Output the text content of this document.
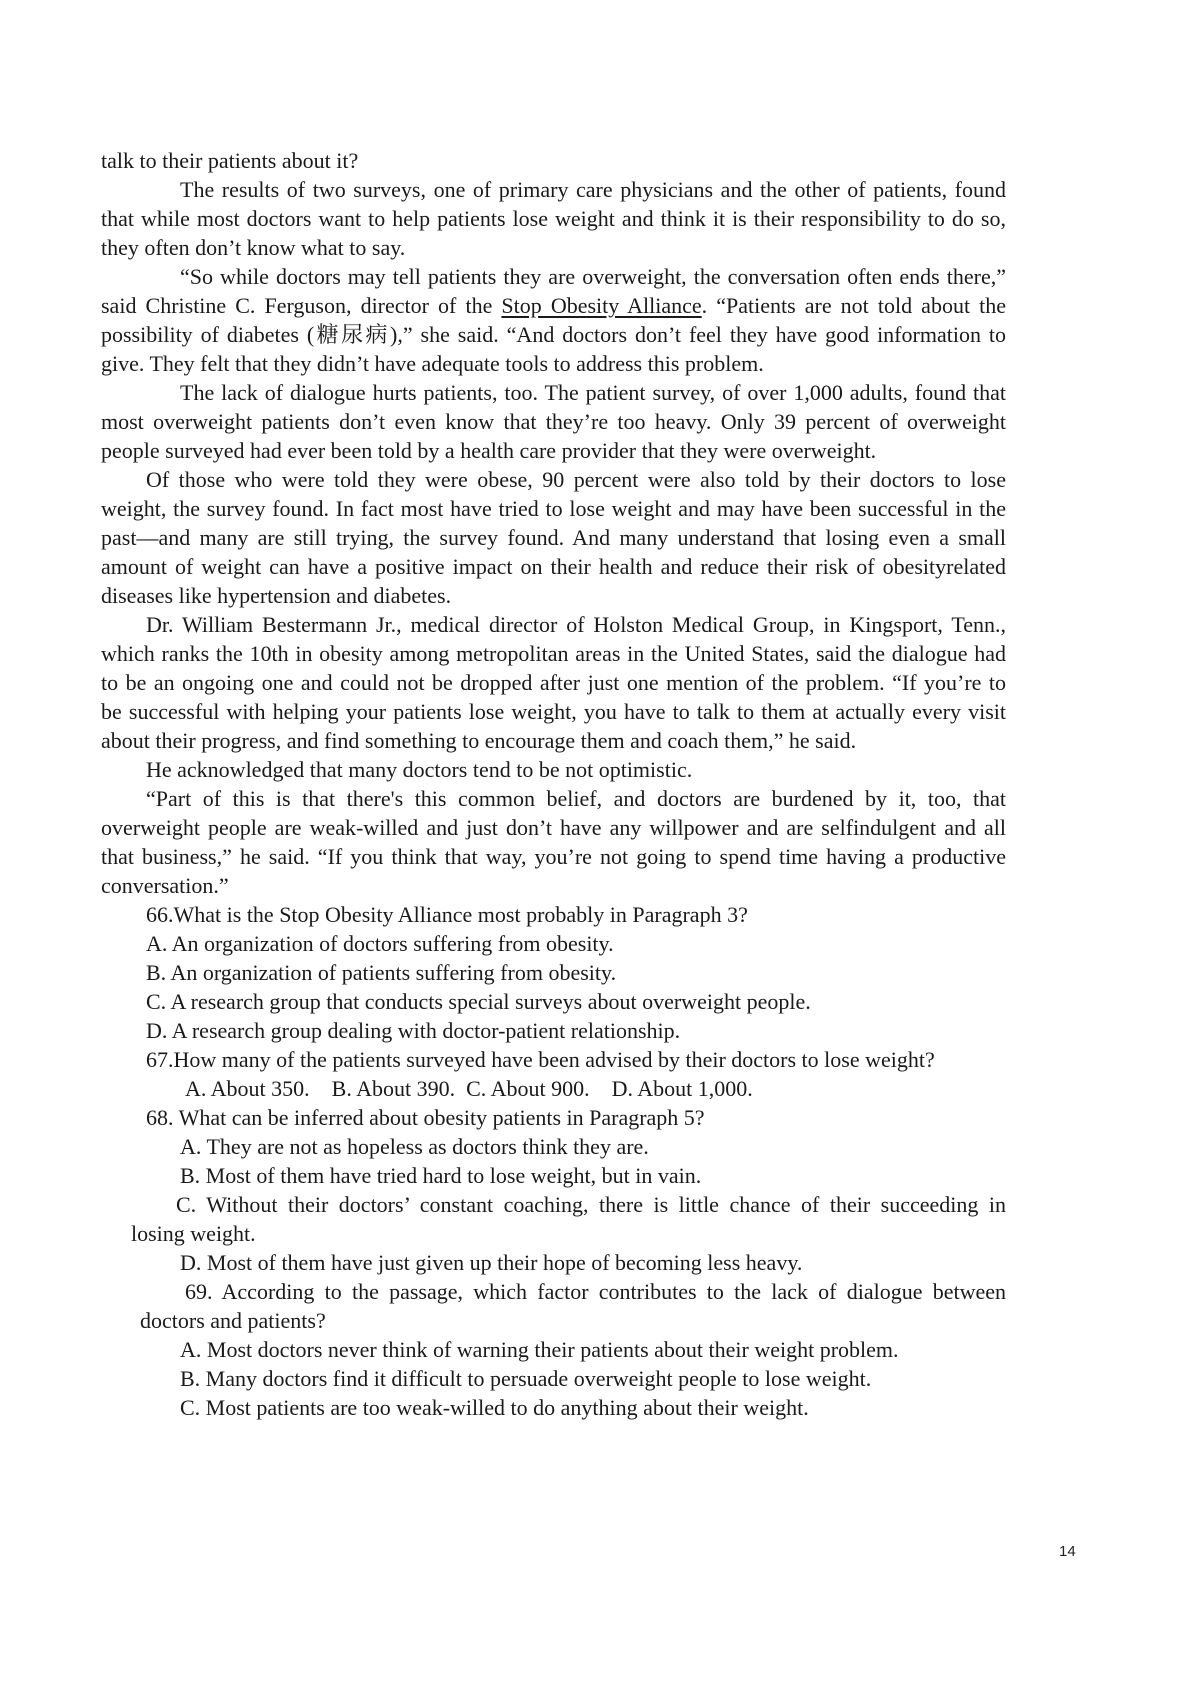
talk to their patients about it?
The results of two surveys, one of primary care physicians and the other of patients, found
that while most doctors want to help patients lose weight and think it is their responsibility to do so,
they often don’t know what to say.
“So while doctors may tell patients they are overweight, the conversation often ends there,”
said Christine C. Ferguson, director of the Stop Obesity Alliance. “Patients are not told about the
possibility of diabetes (糖尿病),” she said. “And doctors don’t feel they have good information to
give. They felt that they didn’t have adequate tools to address this problem.
The lack of dialogue hurts patients, too. The patient survey, of over 1,000 adults, found that
most overweight patients don’t even know that they’re too heavy. Only 39 percent of overweight
people surveyed had ever been told by a health care provider that they were overweight.
Of those who were told they were obese, 90 percent were also told by their doctors to lose
weight, the survey found. In fact most have tried to lose weight and may have been successful in the
past—and many are still trying, the survey found. And many understand that losing even a small
amount of weight can have a positive impact on their health and reduce their risk of obesityrelated
diseases like hypertension and diabetes.
Dr. William Bestermann Jr., medical director of Holston Medical Group, in Kingsport, Tenn.,
which ranks the 10th in obesity among metropolitan areas in the United States, said the dialogue had
to be an ongoing one and could not be dropped after just one mention of the problem. “If you’re to
be successful with helping your patients lose weight, you have to talk to them at actually every visit
about their progress, and find something to encourage them and coach them,” he said.
He acknowledged that many doctors tend to be not optimistic.
“Part of this is that there's this common belief, and doctors are burdened by it, too, that
overweight people are weak-willed and just don’t have any willpower and are selfindulgent and all
that business,” he said. “If you think that way, you’re not going to spend time having a productive
conversation.”
66.What is the Stop Obesity Alliance most probably in Paragraph 3?
A. An organization of doctors suffering from obesity.
B. An organization of patients suffering from obesity.
C. A research group that conducts special surveys about overweight people.
D. A research group dealing with doctor-patient relationship.
67.How many of the patients surveyed have been advised by their doctors to lose weight?
A. About 350.    B. About 390.  C. About 900.    D. About 1,000.
68. What can be inferred about obesity patients in Paragraph 5?
A. They are not as hopeless as doctors think they are.
B. Most of them have tried hard to lose weight, but in vain.
C. Without their doctors’ constant coaching, there is little chance of their succeeding in
losing weight.
D. Most of them have just given up their hope of becoming less heavy.
69. According to the passage, which factor contributes to the lack of dialogue between
doctors and patients?
A. Most doctors never think of warning their patients about their weight problem.
B. Many doctors find it difficult to persuade overweight people to lose weight.
C. Most patients are too weak-willed to do anything about their weight.
14
